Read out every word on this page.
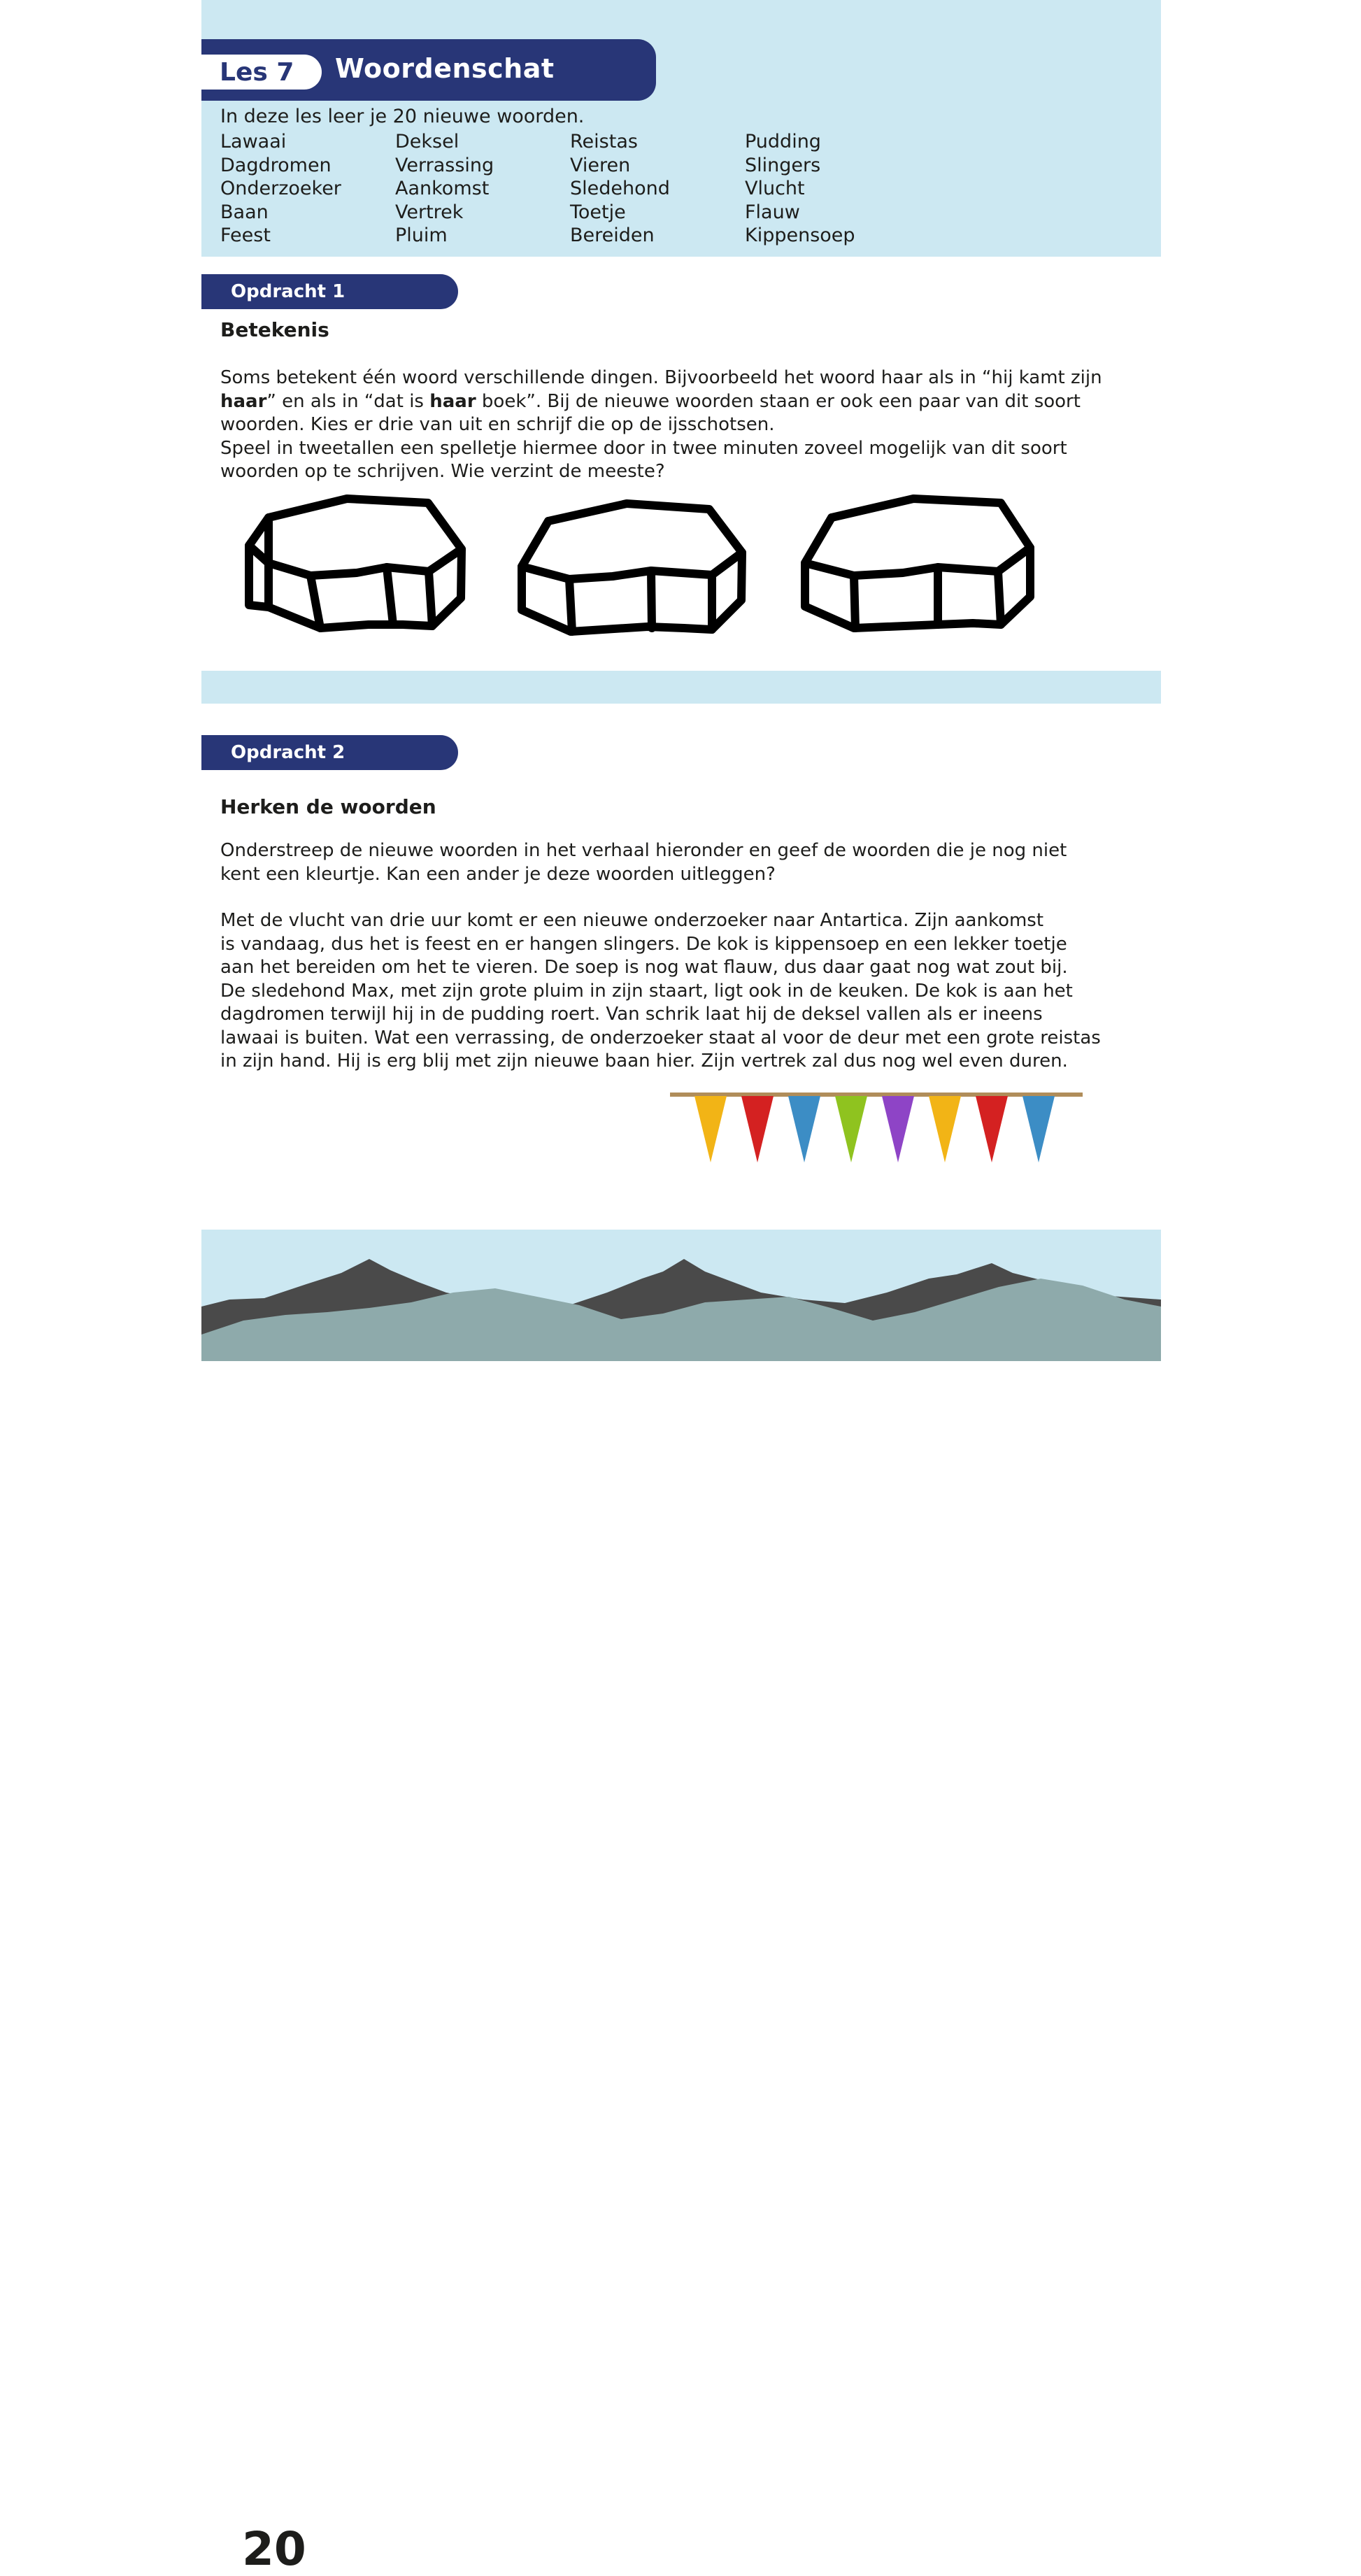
Les 7	Woordenschat
In deze les leer je 20 nieuwe woorden.
Lawaai
Dagdromen
Onderzoeker
Baan
Feest
Deksel
Verrassing
Aankomst
Vertrek
Pluim
Reistas
Vieren
Sledehond
Toetje
Bereiden
Pudding
Slingers
Vlucht
Flauw
Kippensoep
Opdracht 1
Betekenis
Soms betekent één woord verschillende dingen. Bijvoorbeeld het woord haar als in “hij kamt zijn
haar” en als in “dat is haar boek”. Bij de nieuwe woorden staan er ook een paar van dit soort
woorden. Kies er drie van uit en schrijf die op de ijsschotsen.
Speel in tweetallen een spelletje hiermee door in twee minuten zoveel mogelijk van dit soort
woorden op te schrijven. Wie verzint de meeste?
Opdracht 2
Herken de woorden
Onderstreep de nieuwe woorden in het verhaal hieronder en geef de woorden die je nog niet
kent een kleurtje. Kan een ander je deze woorden uitleggen?
Met de vlucht van drie uur komt er een nieuwe onderzoeker naar Antartica. Zijn aankomst
is vandaag, dus het is feest en er hangen slingers. De kok is kippensoep en een lekker toetje
aan het bereiden om het te vieren. De soep is nog wat flauw, dus daar gaat nog wat zout bij.
De sledehond Max, met zijn grote pluim in zijn staart, ligt ook in de keuken. De kok is aan het
dagdromen terwijl hij in de pudding roert. Van schrik laat hij de deksel vallen als er ineens
lawaai is buiten. Wat een verrassing, de onderzoeker staat al voor de deur met een grote reistas
in zijn hand. Hij is erg blij met zijn nieuwe baan hier. Zijn vertrek zal dus nog wel even duren.
20
